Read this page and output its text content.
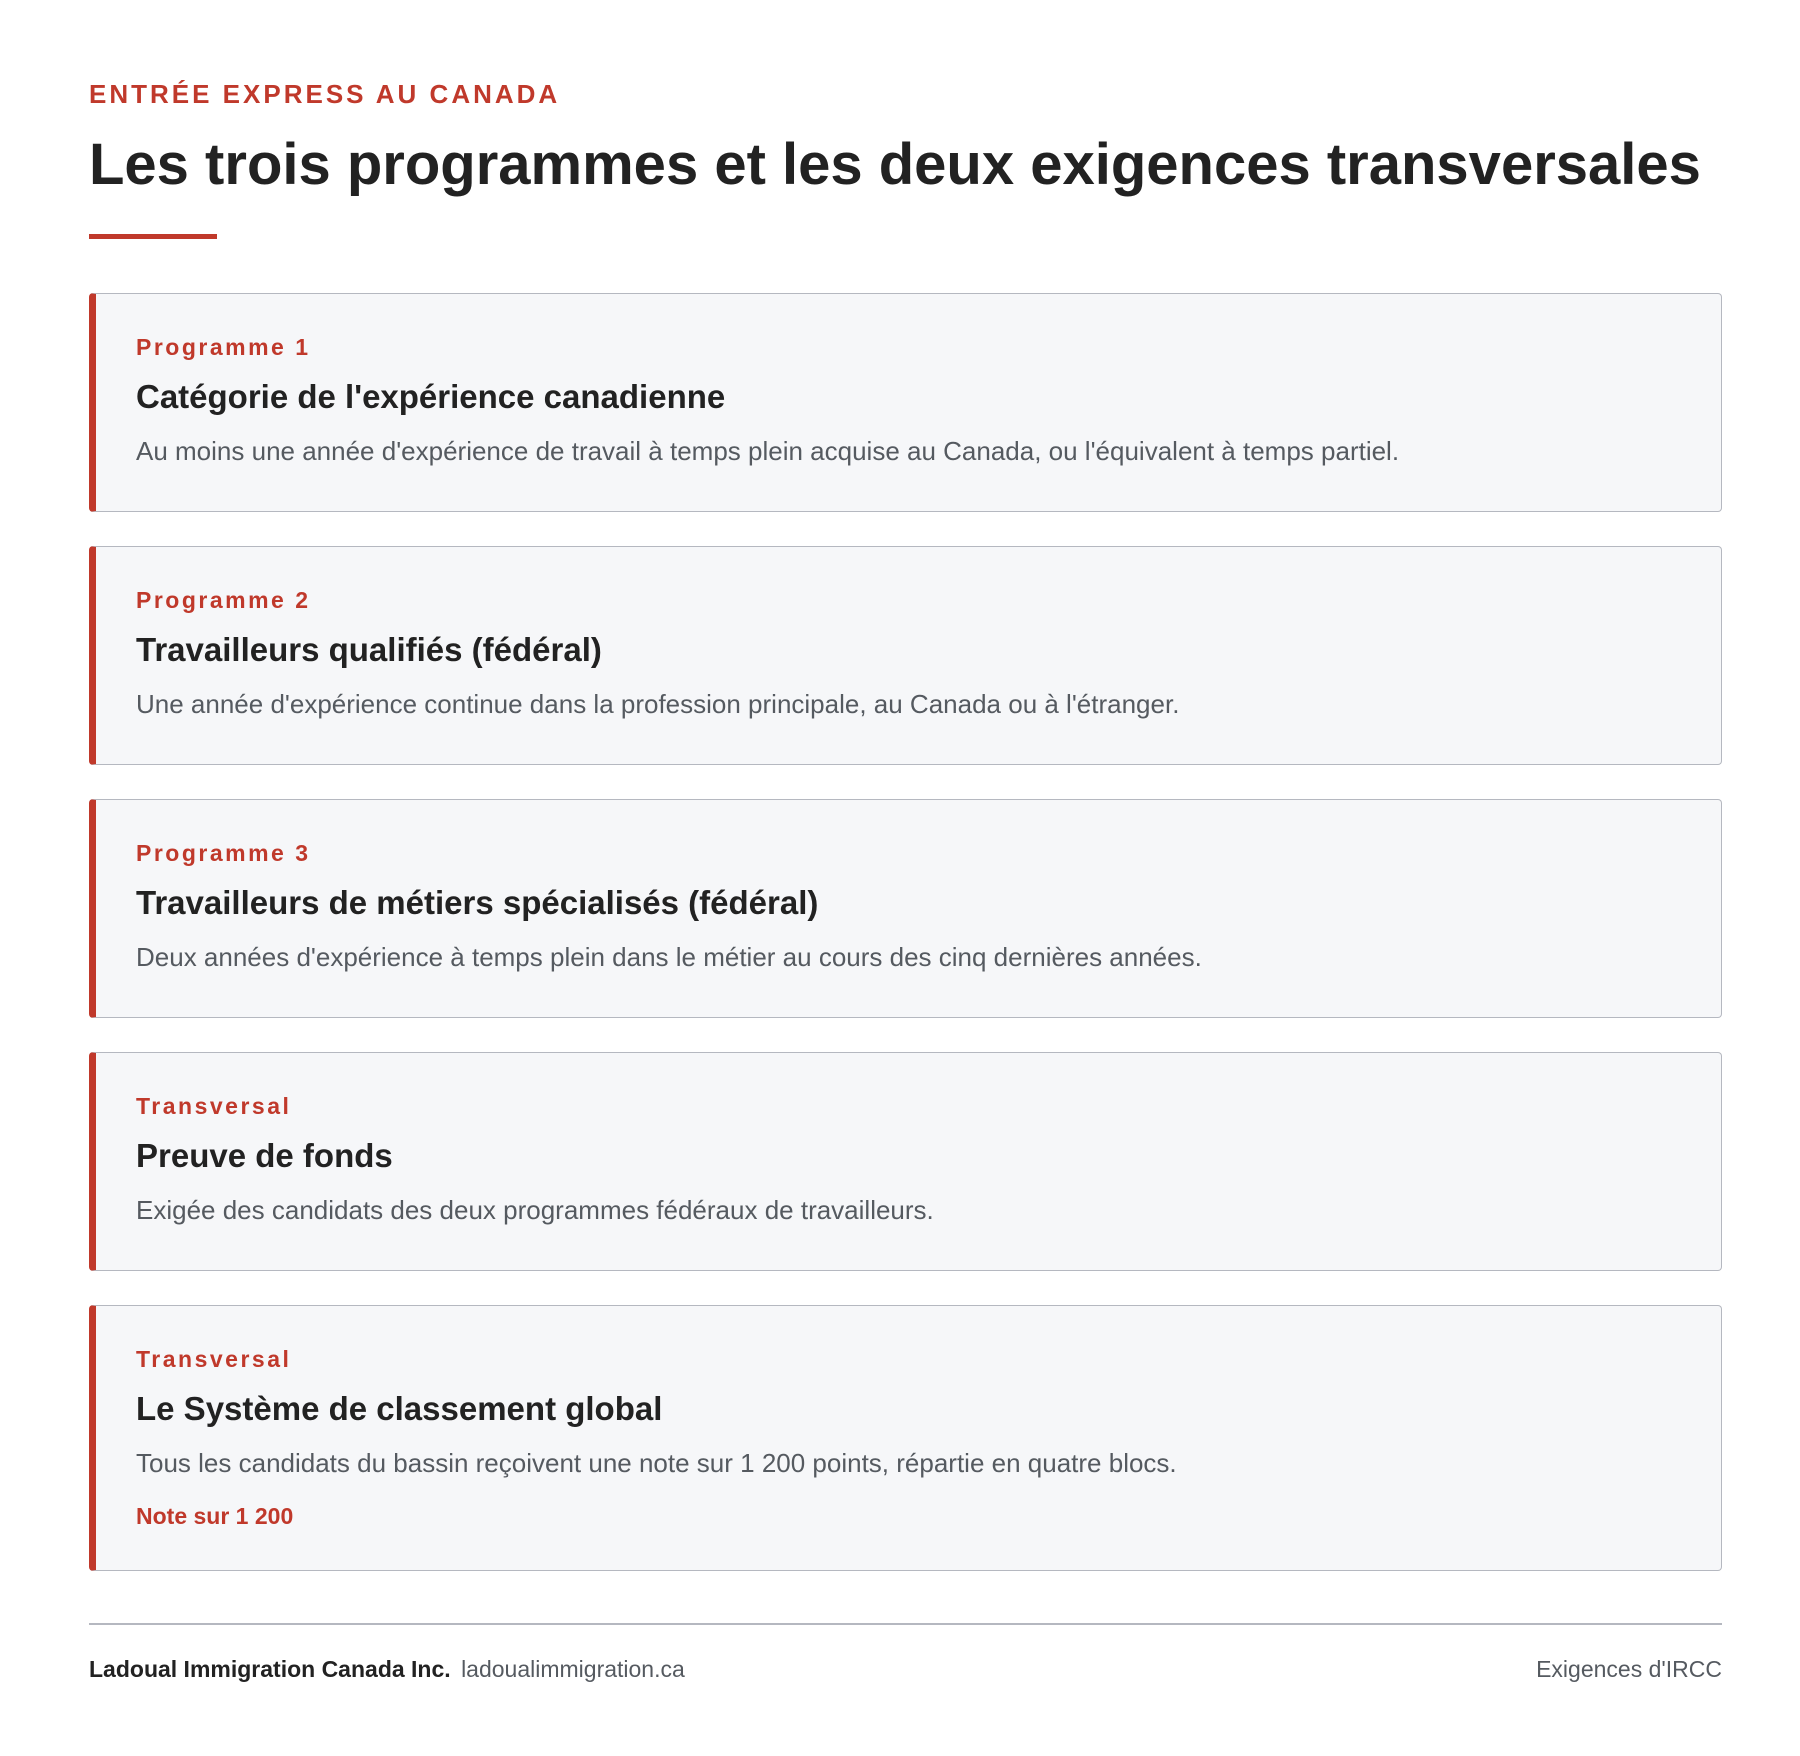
ENTRÉE EXPRESS AU CANADA
Les trois programmes et les deux exigences transversales
Programme 1
Catégorie de l'expérience canadienne
Au moins une année d'expérience de travail à temps plein acquise au Canada, ou l'équivalent à temps partiel.
Programme 2
Travailleurs qualifiés (fédéral)
Une année d'expérience continue dans la profession principale, au Canada ou à l'étranger.
Programme 3
Travailleurs de métiers spécialisés (fédéral)
Deux années d'expérience à temps plein dans le métier au cours des cinq dernières années.
Transversal
Preuve de fonds
Exigée des candidats des deux programmes fédéraux de travailleurs.
Transversal
Le Système de classement global
Tous les candidats du bassin reçoivent une note sur 1 200 points, répartie en quatre blocs.
Note sur 1 200
Ladoual Immigration Canada Inc. ladoualimmigration.ca	Exigences d'IRCC
